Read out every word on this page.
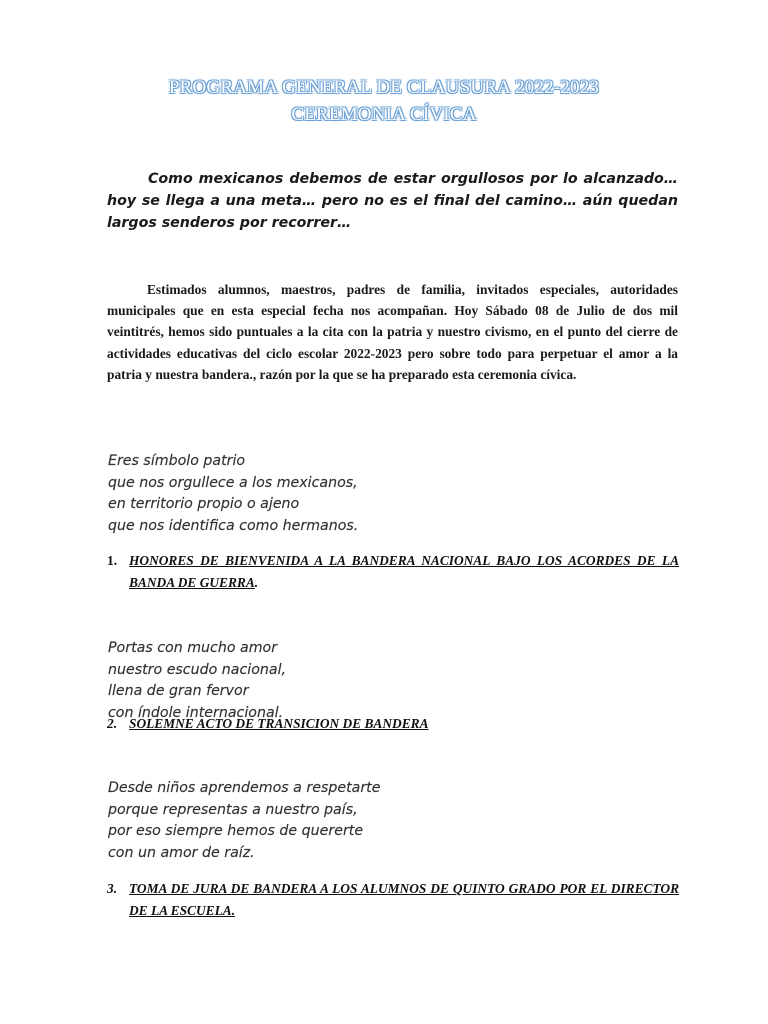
PROGRAMA GENERAL DE CLAUSURA 2022-2023
CEREMONIA CÍVICA
Como mexicanos debemos de estar orgullosos por lo alcanzado… hoy se llega a una meta… pero no es el final del camino… aún quedan largos senderos por recorrer…
Estimados alumnos, maestros, padres de familia, invitados especiales, autoridades municipales que en esta especial fecha nos acompañan. Hoy Sábado 08 de Julio de dos mil veintitrés, hemos sido puntuales a la cita con la patria y nuestro civismo, en el punto del cierre de actividades educativas del ciclo escolar 2022-2023 pero sobre todo para perpetuar el amor a la patria y nuestra bandera., razón por la que se ha preparado esta ceremonia cívica.
Eres símbolo patrio
que nos orgullece a los mexicanos,
en territorio propio o ajeno
que nos identifica como hermanos.
1. HONORES DE BIENVENIDA A LA BANDERA NACIONAL BAJO LOS ACORDES DE LA BANDA DE GUERRA.
Portas con mucho amor
nuestro escudo nacional,
llena de gran fervor
con índole internacional.
2. SOLEMNE ACTO DE TRANSICION DE BANDERA
Desde niños aprendemos a respetarte
porque representas a nuestro país,
por eso siempre hemos de quererte
con un amor de raíz.
3. TOMA DE JURA DE BANDERA A LOS ALUMNOS DE QUINTO GRADO POR EL DIRECTOR DE LA ESCUELA.
